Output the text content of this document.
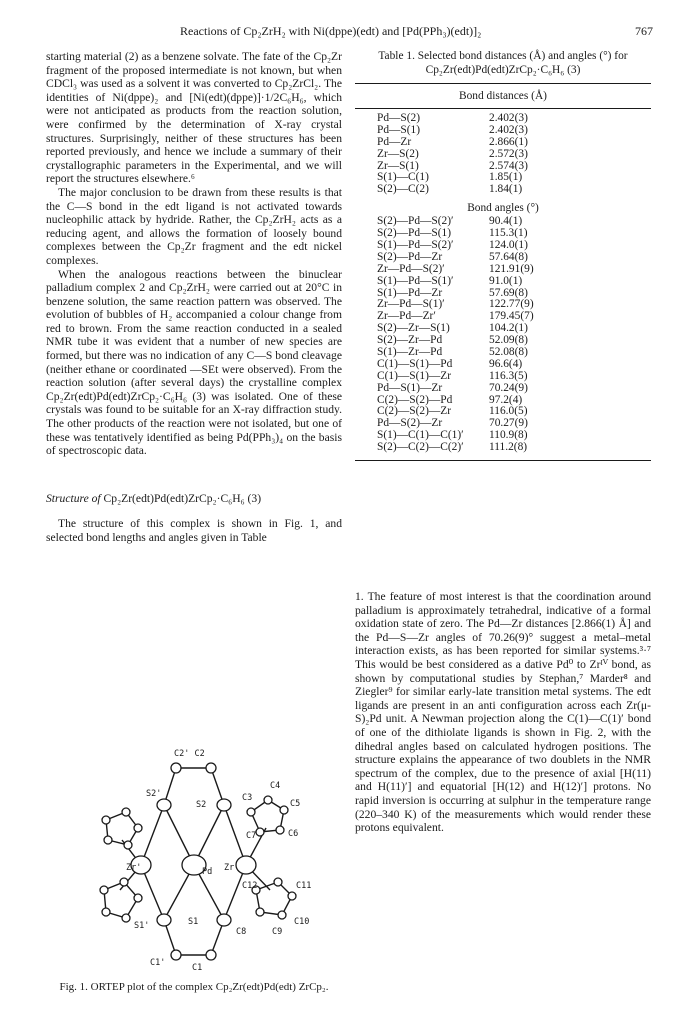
Reactions of Cp₂ZrH₂ with Ni(dppe)(edt) and [Pd(PPh₃)(edt)]₂	767

starting material (2) as a benzene solvate. The fate of the Cp₂Zr fragment of the proposed intermediate is not known, but when CDCl₃ was used as a solvent it was converted to Cp₂ZrCl₂. The identities of Ni(dppe)₂ and [Ni(edt)(dppe)]·1/2C₆H₆, which were not anticipated as products from the reaction solution, were confirmed by the determination of X-ray crystal structures. Surprisingly, neither of these structures has been reported previously, and hence we include a summary of their crystallographic parameters in the Experimental, and we will report the structures elsewhere.⁶

The major conclusion to be drawn from these results is that the C—S bond in the edt ligand is not activated towards nucleophilic attack by hydride. Rather, the Cp₂ZrH₂ acts as a reducing agent, and allows the formation of loosely bound complexes between the Cp₂Zr fragment and the edt nickel complexes.

When the analogous reactions between the binuclear palladium complex 2 and Cp₂ZrH₂ were carried out at 20°C in benzene solution, the same reaction pattern was observed. The evolution of bubbles of H₂ accompanied a colour change from red to brown. From the same reaction conducted in a sealed NMR tube it was evident that a number of new species are formed, but there was no indication of any C—S bond cleavage (neither ethane or coordinated —SEt were observed). From the reaction solution (after several days) the crystalline complex Cp₂Zr(edt)Pd(edt)ZrCp₂·C₆H₆ (3) was isolated. One of these crystals was found to be suitable for an X-ray diffraction study. The other products of the reaction were not isolated, but one of these was tentatively identified as being Pd(PPh₃)₄ on the basis of spectroscopic data.

Structure of Cp₂Zr(edt)Pd(edt)ZrCp₂·C₆H₆ (3)

The structure of this complex is shown in Fig. 1, and selected bond lengths and angles given in Table

C2' C2
S2'
S2
C3
C4
C5
C7	C6
Zr'	Pd Zr
C12	C11
S1
S1'
C8
C10
C9
C1'	C1
Fig. 1. ORTEP plot of the complex Cp₂Zr(edt)Pd(edt) ZrCp₂.
Table 1. Selected bond distances (Å) and angles (°) for
Cp₂Zr(edt)Pd(edt)ZrCp₂·C₆H₆ (3)
Bond distances (Å)
Pd—S(2)	2.402(3)
Pd—S(1)	2.402(3)
Pd—Zr	2.866(1)
Zr—S(2)	2.572(3)
Zr—S(1)	2.574(3)
S(1)—C(1)	1.85(1)
S(2)—C(2)	1.84(1)
Bond angles (°)
S(2)—Pd—S(2)′	90.4(1)
S(2)—Pd—S(1)	115.3(1)
S(1)—Pd—S(2)′	124.0(1)
S(2)—Pd—Zr	57.64(8)
Zr—Pd—S(2)′	121.91(9)
S(1)—Pd—S(1)′	91.0(1)
S(1)—Pd—Zr	57.69(8)
Zr—Pd—S(1)′	122.77(9)
Zr—Pd—Zr′	179.45(7)
S(2)—Zr—S(1)	104.2(1)
S(2)—Zr—Pd	52.09(8)
S(1)—Zr—Pd	52.08(8)
C(1)—S(1)—Pd	96.6(4)
C(1)—S(1)—Zr	116.3(5)
Pd—S(1)—Zr	70.24(9)
C(2)—S(2)—Pd	97.2(4)
C(2)—S(2)—Zr	116.0(5)
Pd—S(2)—Zr	70.27(9)
S(1)—C(1)—C(1)′	110.9(8)
S(2)—C(2)—C(2)′	111.2(8)

1. The feature of most interest is that the coordination around palladium is approximately tetrahedral, indicative of a formal oxidation state of zero. The Pd—Zr distances [2.866(1) Å] and the Pd—S—Zr angles of 70.26(9)° suggest a metal–metal interaction exists, as has been reported for similar systems.³·⁷ This would be best considered as a dative Pd⁰ to Zrᴵⱽ bond, as shown by computational studies by Stephan,⁷ Marder⁸ and Ziegler⁹ for similar early-late transition metal systems. The edt ligands are present in an anti configuration across each Zr(μ-S)₂Pd unit. A Newman projection along the C(1)—C(1)′ bond of one of the dithiolate ligands is shown in Fig. 2, with the dihedral angles based on calculated hydrogen positions. The structure explains the appearance of two doublets in the NMR spectrum of the complex, due to the presence of axial [H(11) and H(11)′] and equatorial [H(12) and H(12)′] protons. No rapid inversion is occurring at sulphur in the temperature range (220–340 K) of the measurements which would render these protons equivalent.
